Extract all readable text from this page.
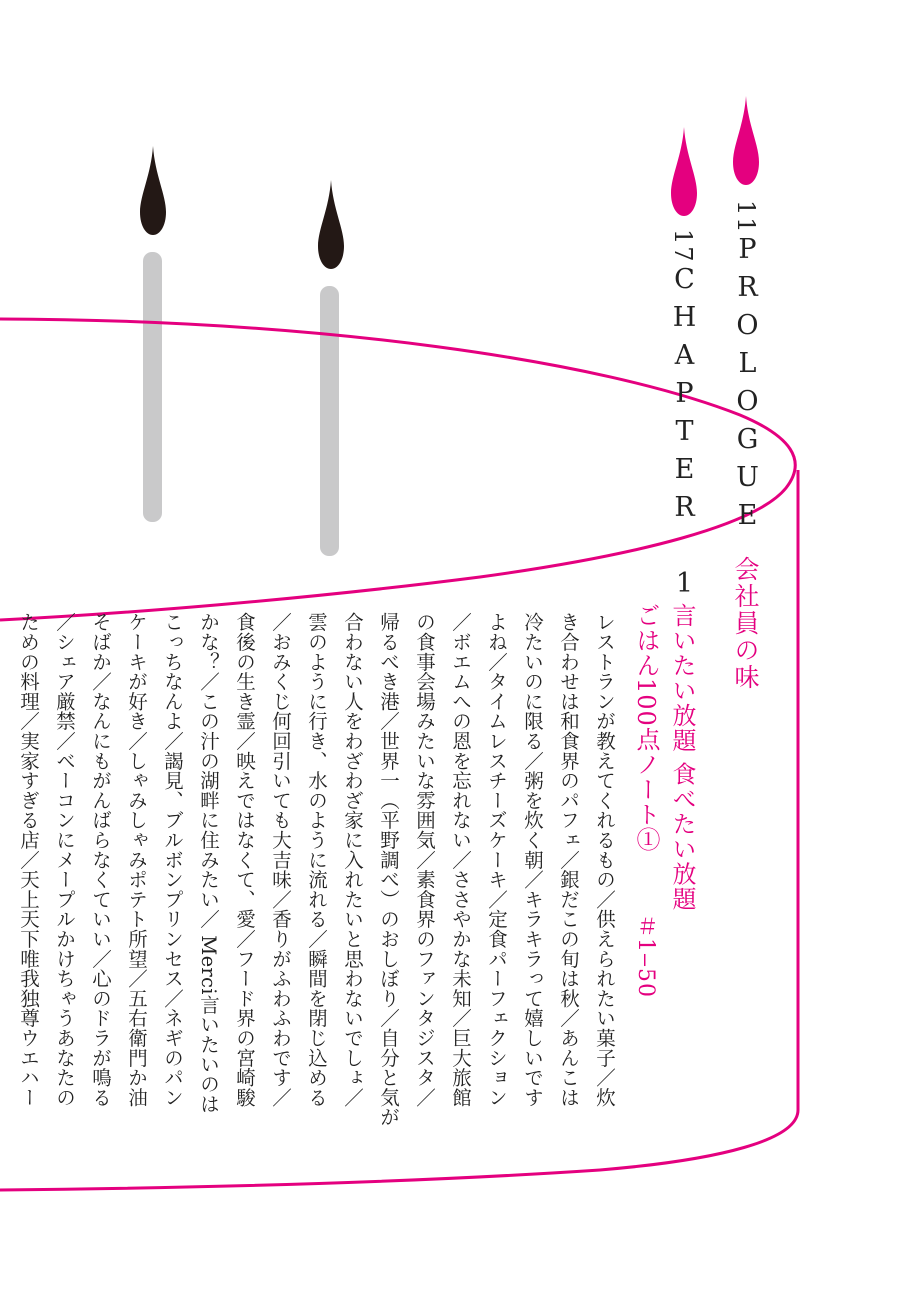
11
PROLOGUE
17
CHAPTER 1
会社員の味
言いたい放題 食べたい放題
ごはん100点ノート①
＃1‒50
レストランが教えてくれるもの／供えられたい菓子／炊
き合わせは和食界のパフェ／銀だこの旬は秋／あんこは
冷たいのに限る／粥を炊く朝／キラキラって嬉しいです
よね／タイムレスチーズケーキ／定食パーフェクション
／ボエムへの恩を忘れない／ささやかな未知／巨大旅館
の食事会場みたいな雰囲気／素食界のファンタジスタ／
帰るべき港／世界一（平野調べ）のおしぼり／自分と気が
合わない人をわざわざ家に入れたいと思わないでしょ／
雲のように行き、水のように流れる／瞬間を閉じ込める
／おみくじ何回引いても大吉味／香りがふわふわです／
食後の生き霊／映えではなくて、愛／フード界の宮崎駿
かな？／この汁の湖畔に住みたい／ Merci言いたいのは
こっちなんよ／謁見、ブルボンプリンセス／ネギのパン
ケーキが好き／しゃみしゃみポテト所望／五右衛門か油
そばか／なんにもがんばらなくていい／心のドラが鳴る
／シェア厳禁／ベーコンにメープルかけちゃうあなたの
ための料理／実家すぎる店／天上天下唯我独尊ウエハー
